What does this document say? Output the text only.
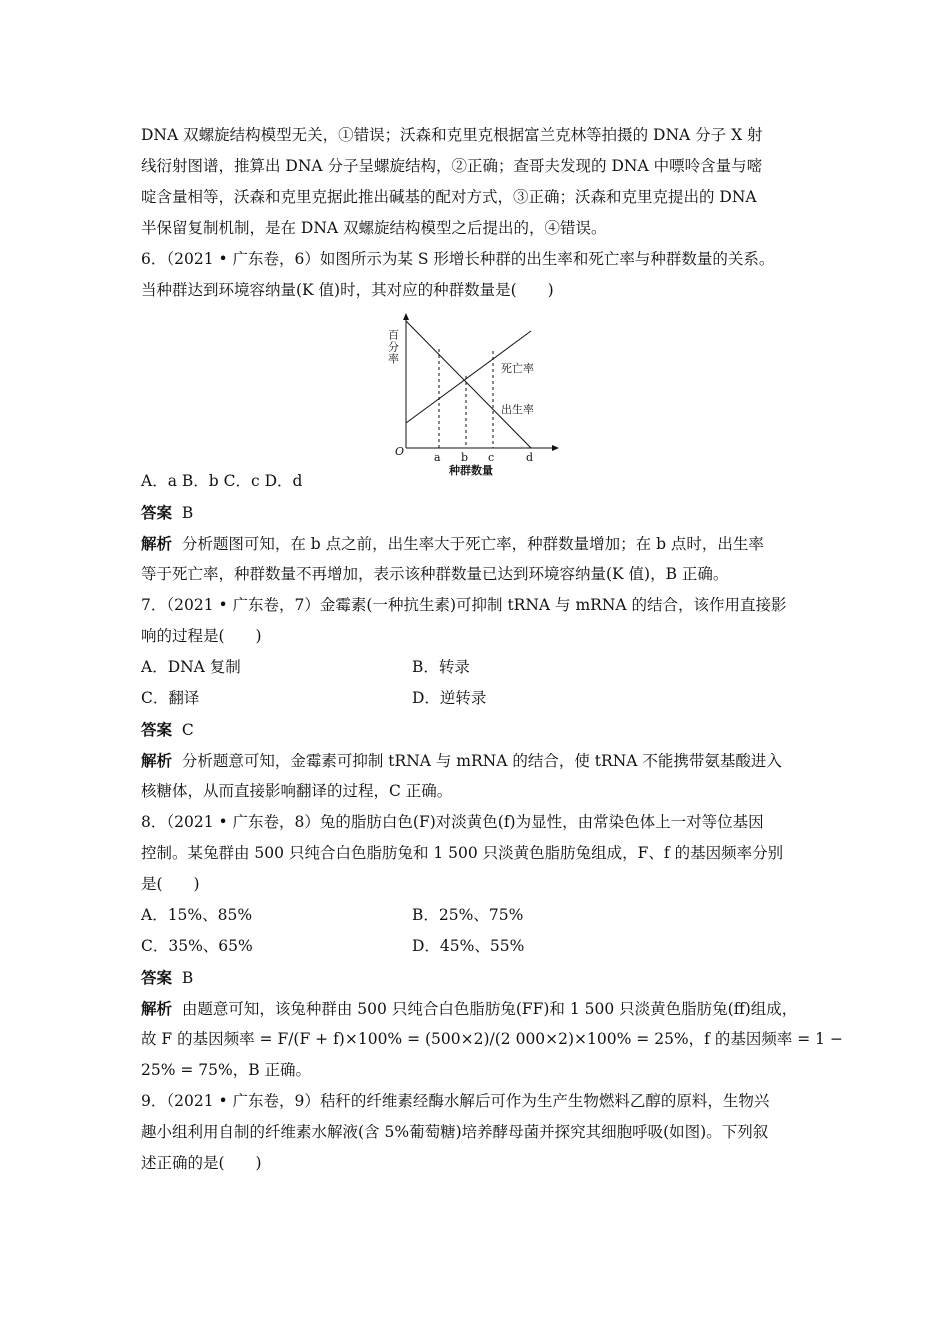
DNA 双螺旋结构模型无关，①错误；沃森和克里克根据富兰克林等拍摄的 DNA 分子 X 射
线衍射图谱，推算出 DNA 分子呈螺旋结构，②正确；查哥夫发现的 DNA 中嘌呤含量与嘧
啶含量相等，沃森和克里克据此推出碱基的配对方式，③正确；沃森和克里克提出的 DNA
半保留复制机制，是在 DNA 双螺旋结构模型之后提出的，④错误。
6．（2021 • 广东卷，6）如图所示为某 S 形增长种群的出生率和死亡率与种群数量的关系。
当种群达到环境容纳量(K 值)时，其对应的种群数量是(　　)
百分率
死亡率
出生率
O	a b c	d
种群数量
A．a B．b C．c D．d
答案 B
解析 分析题图可知，在 b 点之前，出生率大于死亡率，种群数量增加；在 b 点时，出生率
等于死亡率，种群数量不再增加，表示该种群数量已达到环境容纳量(K 值)，B 正确。
7．（2021 • 广东卷，7）金霉素(一种抗生素)可抑制 tRNA 与 mRNA 的结合，该作用直接影
响的过程是(　　)
A．DNA 复制	B．转录
C．翻译	D．逆转录
答案 C
解析 分析题意可知，金霉素可抑制 tRNA 与 mRNA 的结合，使 tRNA 不能携带氨基酸进入
核糖体，从而直接影响翻译的过程，C 正确。
8．（2021 • 广东卷，8）兔的脂肪白色(F)对淡黄色(f)为显性，由常染色体上一对等位基因
控制。某兔群由 500 只纯合白色脂肪兔和 1 500 只淡黄色脂肪兔组成，F、f 的基因频率分别
是(　　)
A．15%、85%	B．25%、75%
C．35%、65%	D．45%、55%
答案 B
解析 由题意可知，该兔种群由 500 只纯合白色脂肪兔(FF)和 1 500 只淡黄色脂肪兔(ff)组成，
故 F 的基因频率 = F/(F + f)×100% = (500×2)/(2 000×2)×100% = 25%，f 的基因频率 = 1 −
25% = 75%，B 正确。
9．（2021 • 广东卷，9）秸秆的纤维素经酶水解后可作为生产生物燃料乙醇的原料，生物兴
趣小组利用自制的纤维素水解液(含 5%葡萄糖)培养酵母菌并探究其细胞呼吸(如图)。下列叙
述正确的是(　　)
